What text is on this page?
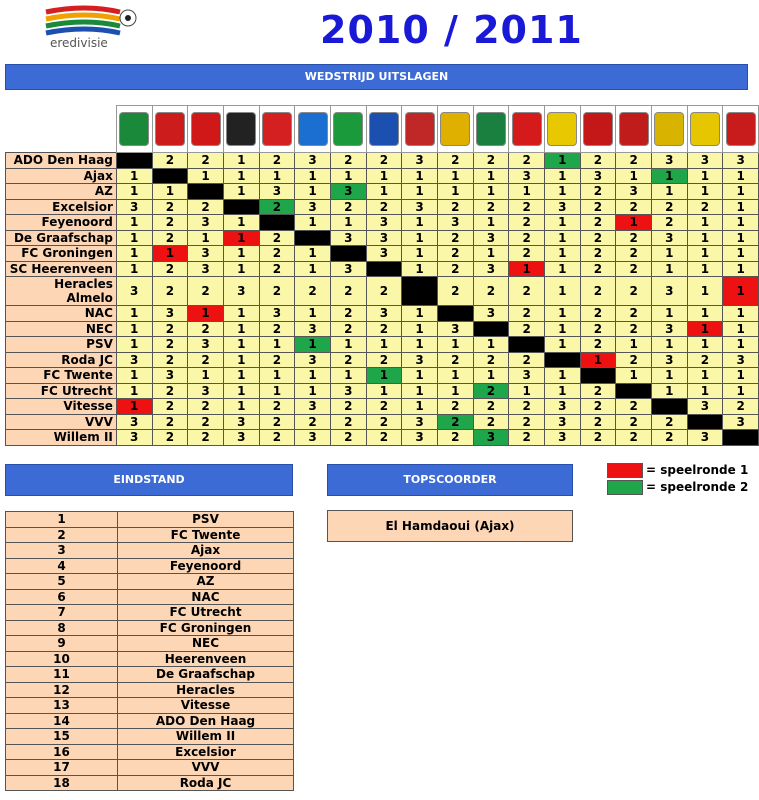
eredivisie	2010 / 2011
WEDSTRIJD UITSLAGEN

ADO Den Haag		2	2	1	2	3	2	2	3	2	2	2	1	2	2	3	3	3
Ajax	1		1	1	1	1	1	1	1	1	1	3	1	3	1	1	1	1
AZ	1	1		1	3	1	3	1	1	1	1	1	1	2	3	1	1	1
Excelsior	3	2	2		2	3	2	2	3	2	2	2	3	2	2	2	2	1
Feyenoord	1	2	3	1		1	1	3	1	3	1	2	1	2	1	2	1	1
De Graafschap	1	2	1	1	2		3	3	1	2	3	2	1	2	2	3	1	1
FC Groningen	1	1	3	1	2	1		3	1	2	1	2	1	2	2	1	1	1
SC Heerenveen	1	2	3	1	2	1	3		1	2	3	1	1	2	2	1	1	1
Heracles Almelo	3	2	2	3	2	2	2	2		2	2	2	1	2	2	3	1	1
NAC	1	3	1	1	3	1	2	3	1		3	2	1	2	2	1	1	1
NEC	1	2	2	1	2	3	2	2	1	3		2	1	2	2	3	1	1
PSV	1	2	3	1	1	1	1	1	1	1	1		1	2	1	1	1	1
Roda JC	3	2	2	1	2	3	2	2	3	2	2	2		1	2	3	2	3
FC Twente	1	3	1	1	1	1	1	1	1	1	1	3	1		1	1	1	1
FC Utrecht	1	2	3	1	1	1	3	1	1	1	2	1	1	2		1	1	1
Vitesse	1	2	2	1	2	3	2	2	1	2	2	2	3	2	2		3	2
VVV	3	2	2	3	2	2	2	2	3	2	2	2	3	2	2	2		3
Willem II	3	2	2	3	2	3	2	2	3	2	3	2	3	2	2	2	3	
EINDSTAND	TOPSCOORDER
= speelronde 1
= speelronde 2
1	PSV
2	FC Twente
3	Ajax
4	Feyenoord
5	AZ
6	NAC
7	FC Utrecht
8	FC Groningen
9	NEC
10	Heerenveen
11	De Graafschap
12	Heracles
13	Vitesse
14	ADO Den Haag
15	Willem II
16	Excelsior
17	VVV
18	Roda JC
El Hamdaoui (Ajax)
